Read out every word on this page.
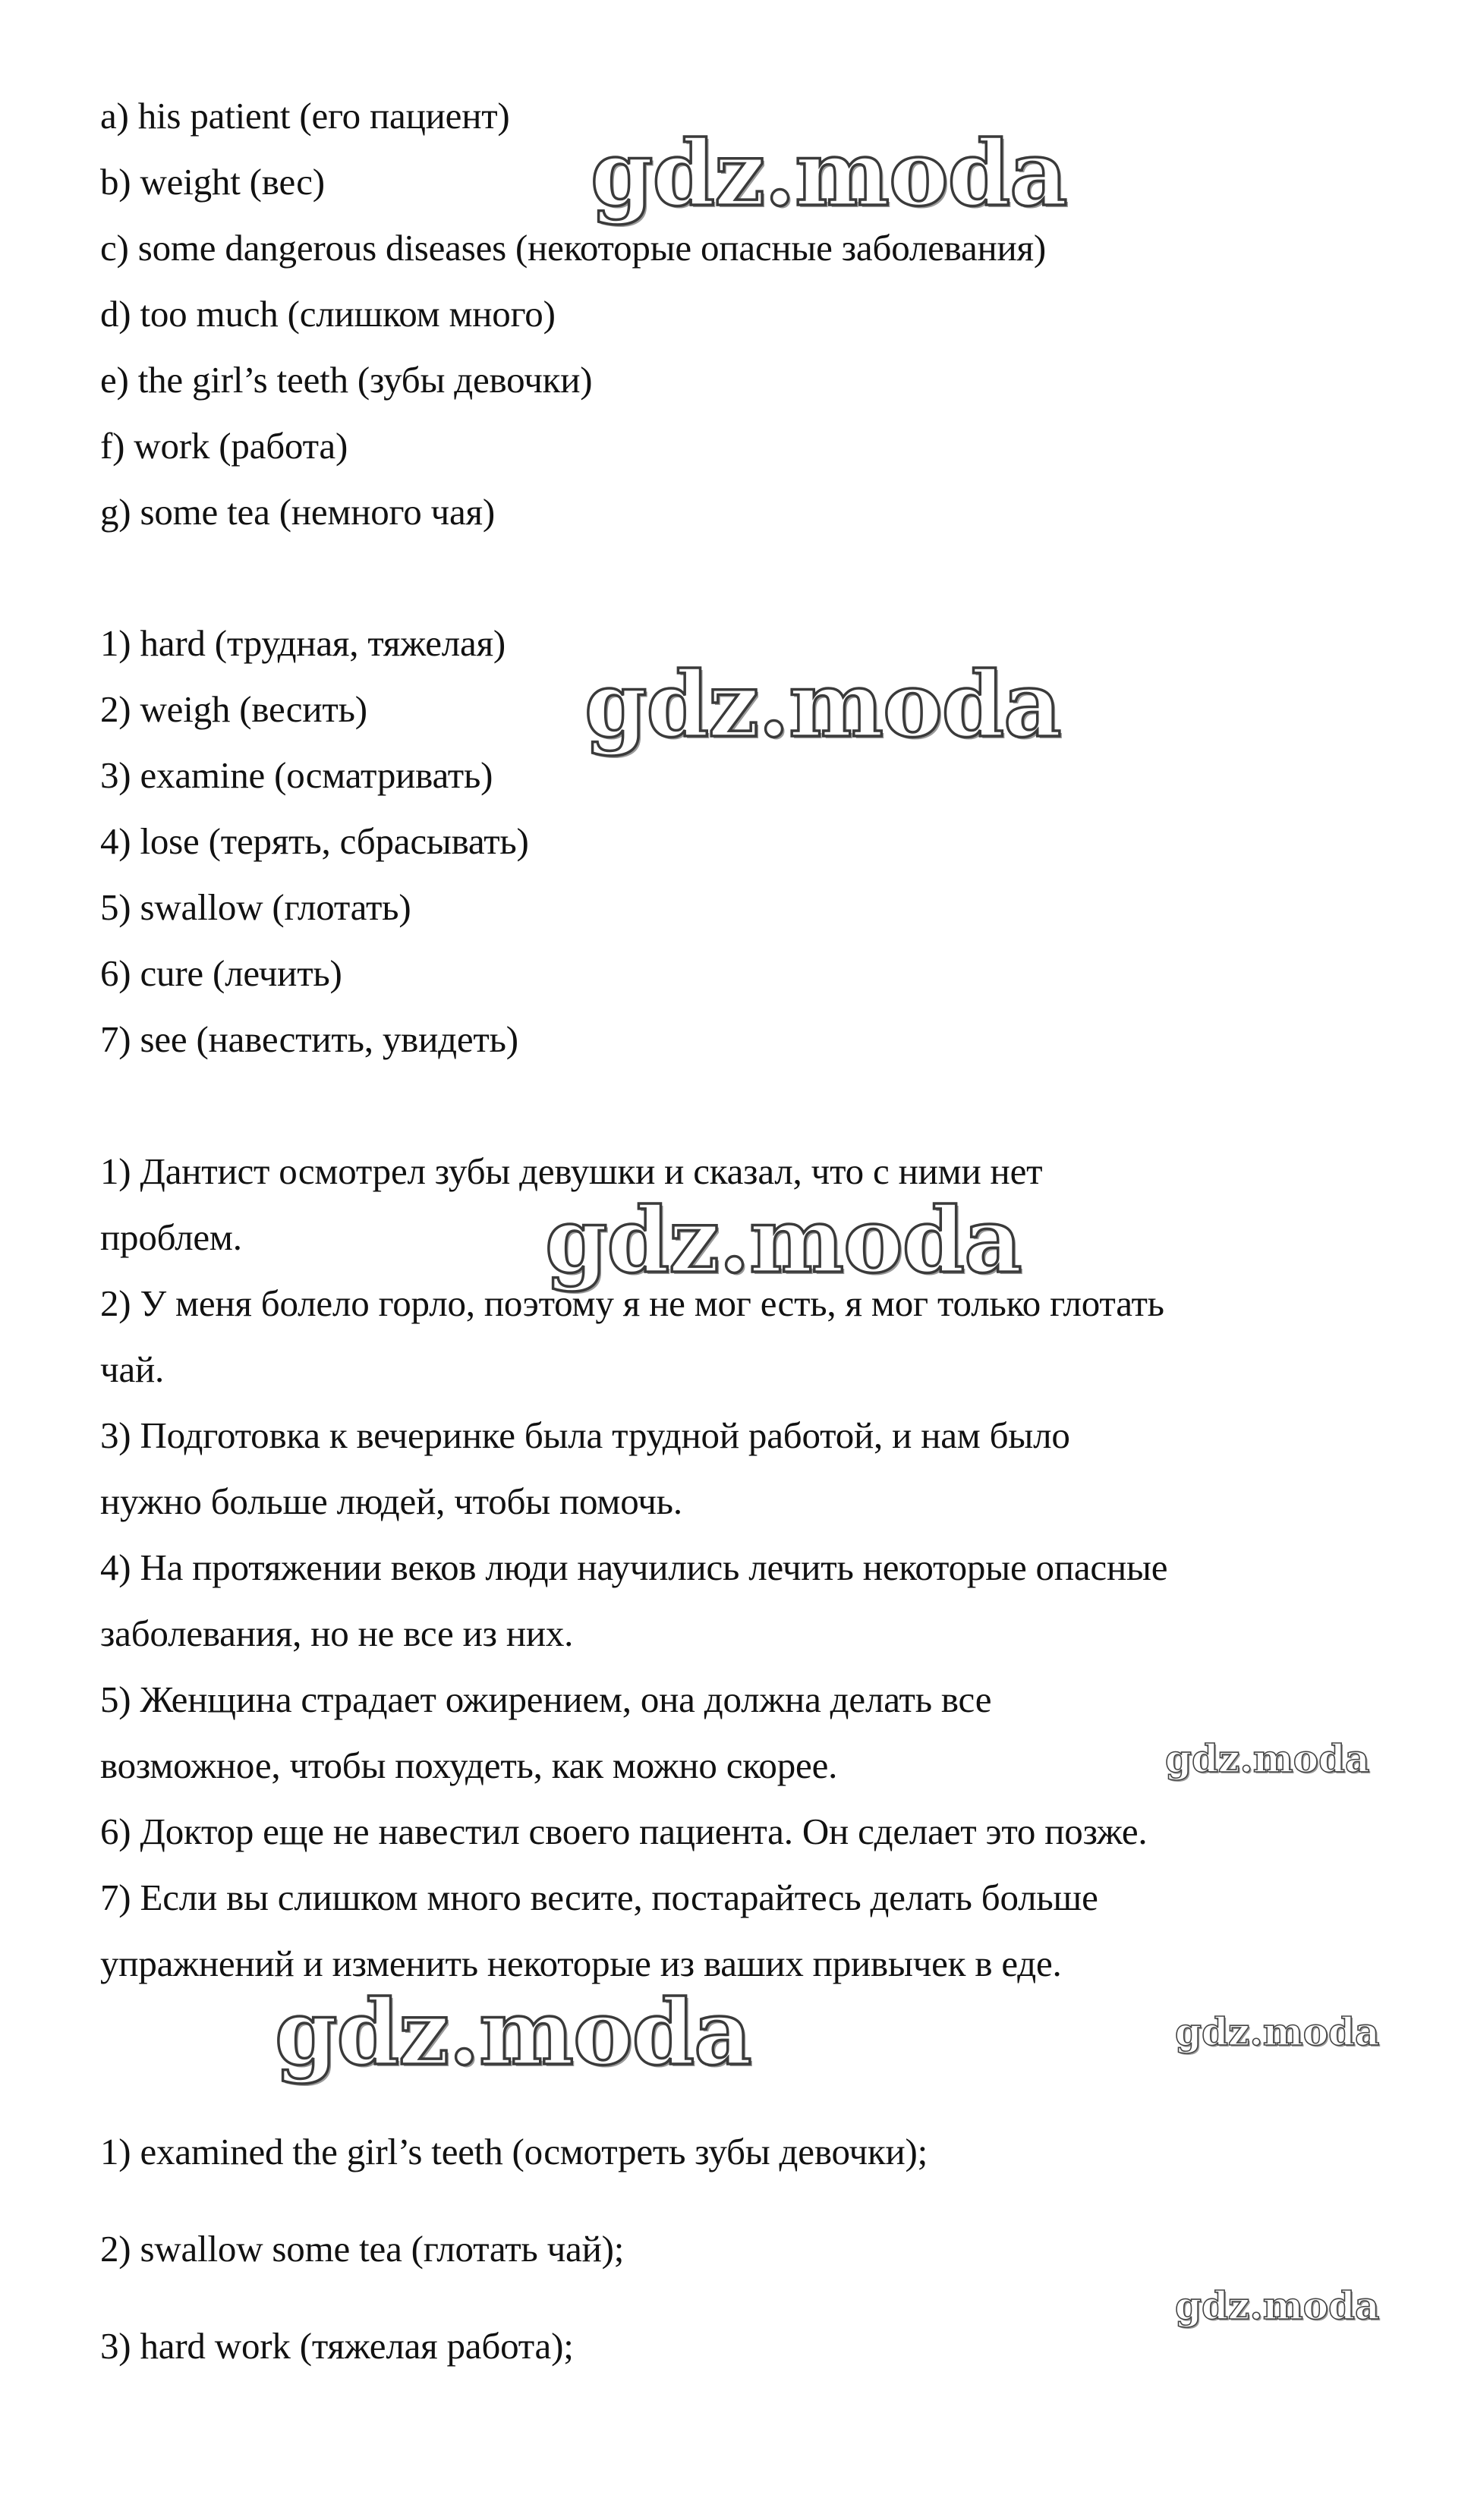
a) his patient (его пациент)
b) weight (вес)
c) some dangerous diseases (некоторые опасные заболевания)
d) too much (слишком много)
e) the girl’s teeth (зубы девочки)
f) work (работа)
g) some tea (немного чая)
1) hard (трудная, тяжелая)
2) weigh (весить)
3) examine (осматривать)
4) lose (терять, сбрасывать)
5) swallow (глотать)
6) cure (лечить)
7) see (навестить, увидеть)
1) Дантист осмотрел зубы девушки и сказал, что с ними нет
проблем.
2) У меня болело горло, поэтому я не мог есть, я мог только глотать
чай.
3) Подготовка к вечеринке была трудной работой, и нам было
нужно больше людей, чтобы помочь.
4) На протяжении веков люди научились лечить некоторые опасные
заболевания, но не все из них.
5) Женщина страдает ожирением, она должна делать все
возможное, чтобы похудеть, как можно скорее.
6) Доктор еще не навестил своего пациента. Он сделает это позже.
7) Если вы слишком много весите, постарайтесь делать больше
упражнений и изменить некоторые из ваших привычек в еде.
1) examined the girl’s teeth (осмотреть зубы девочки);
2) swallow some tea (глотать чай);
3) hard work (тяжелая работа);
gdz.moda
gdz.moda
gdz.moda
gdz.moda
gdz.moda	gdz.moda
gdz.moda
